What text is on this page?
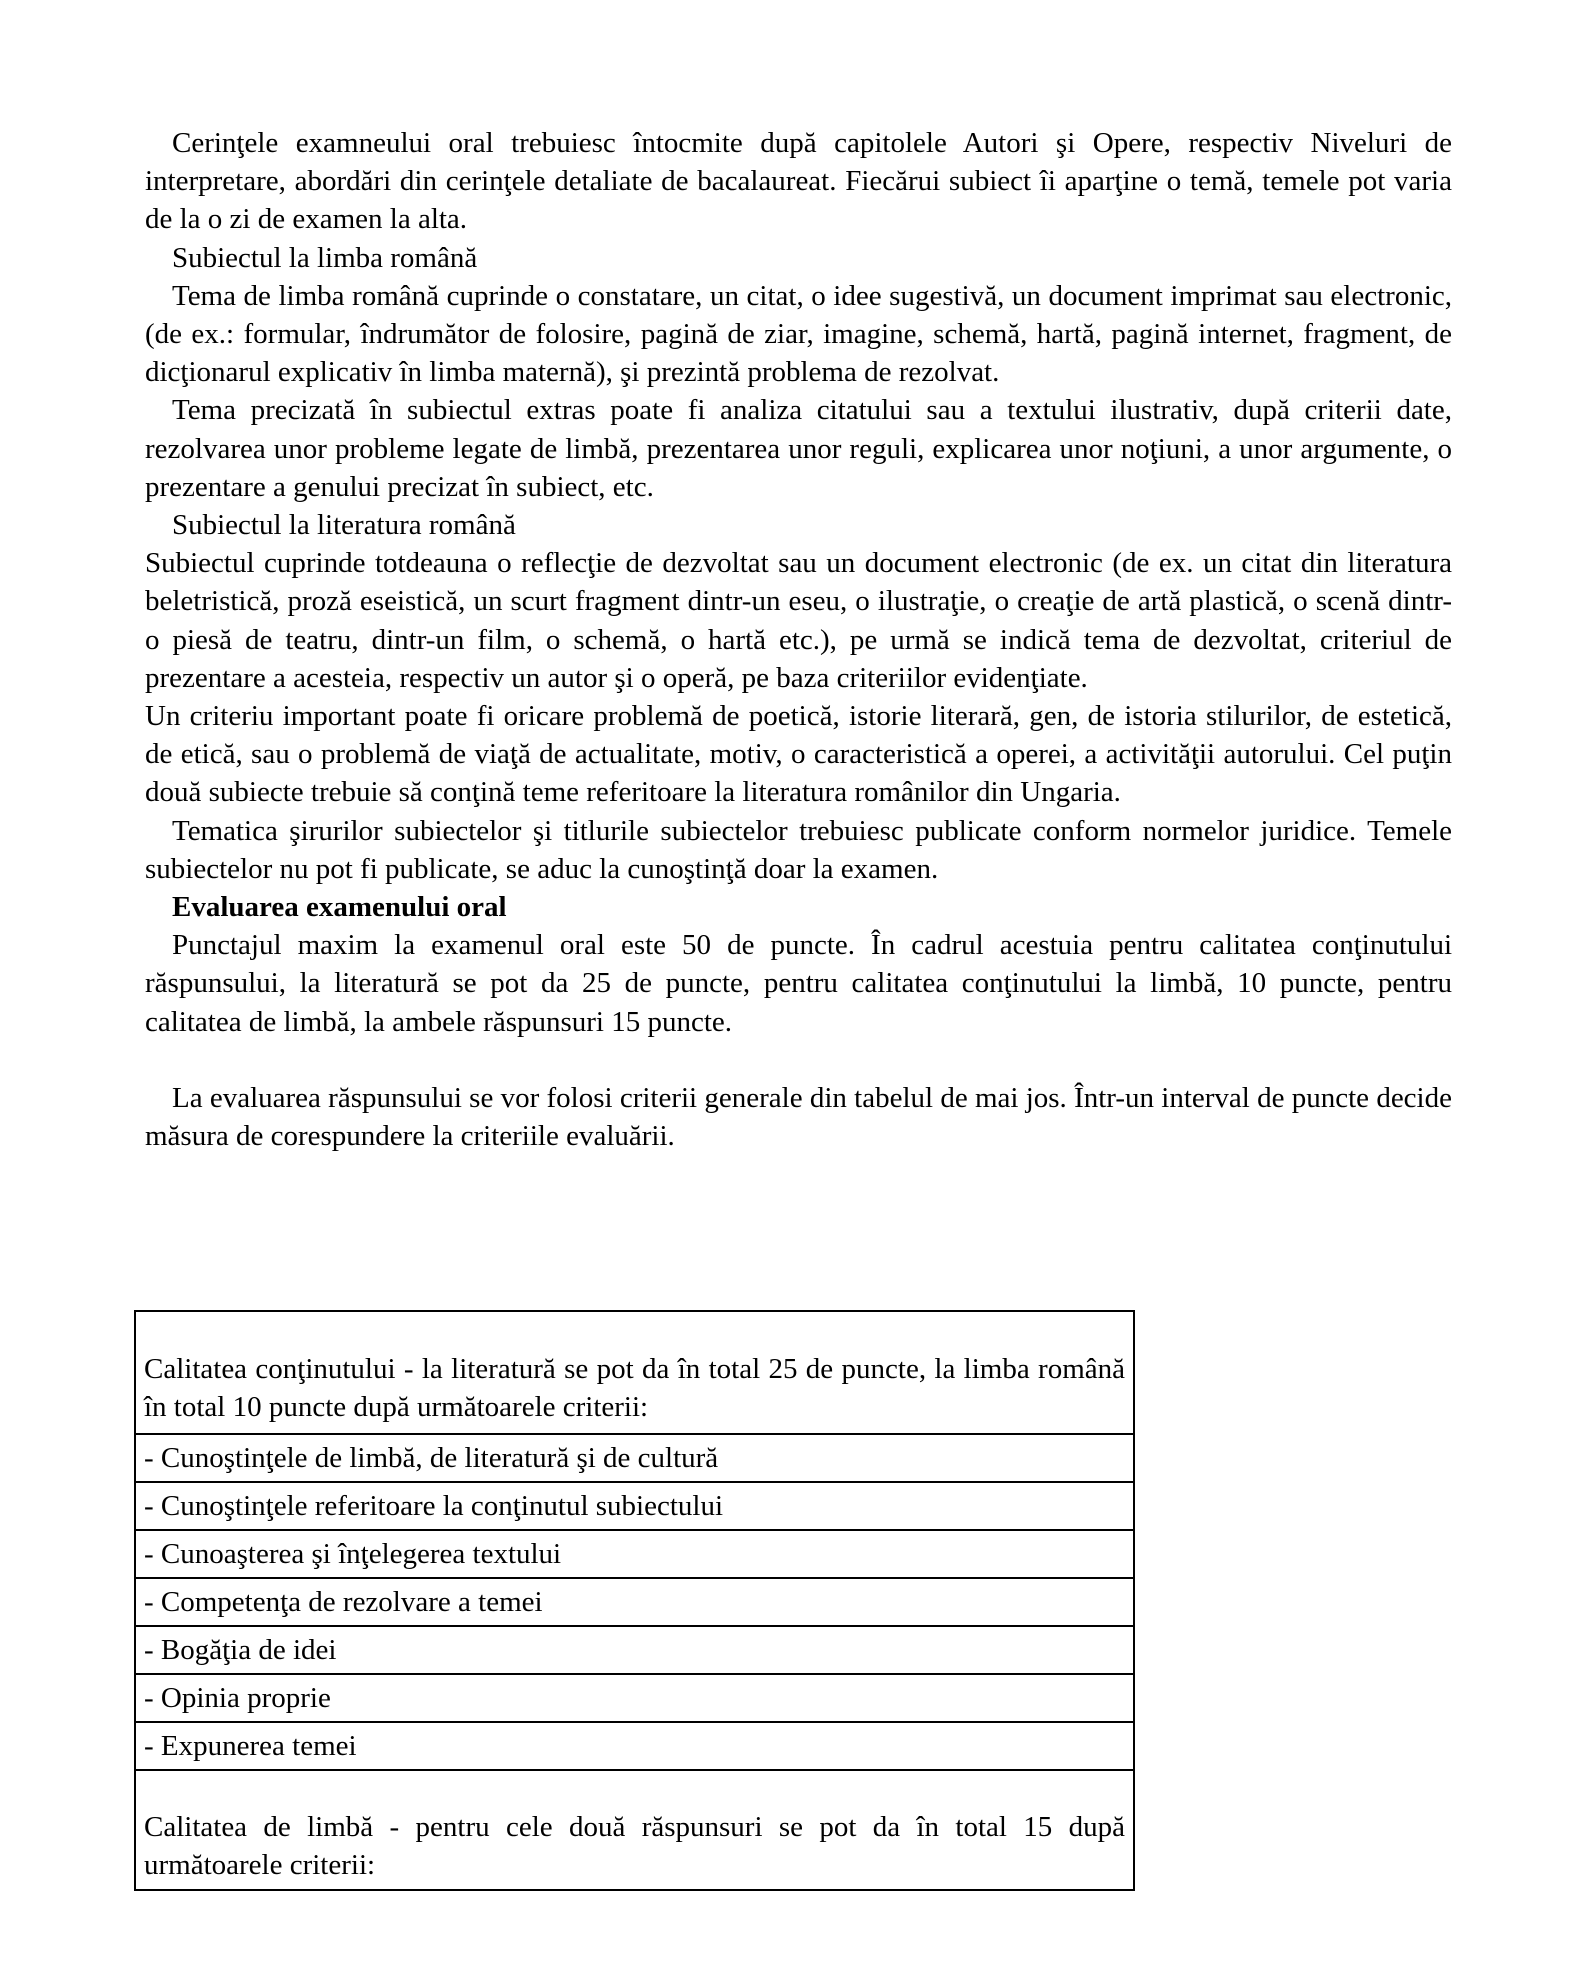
Cerinţele examneului oral trebuiesc întocmite după capitolele Autori şi Opere, respectiv Niveluri de interpretare, abordări din cerinţele detaliate de bacalaureat. Fiecărui subiect îi aparţine o temă, temele pot varia de la o zi de examen la alta.

Subiectul la limba română

Tema de limba română cuprinde o constatare, un citat, o idee sugestivă, un document imprimat sau electronic, (de ex.: formular, îndrumător de folosire, pagină de ziar, imagine, schemă, hartă, pagină internet, fragment, de dicţionarul explicativ în limba maternă), şi prezintă problema de rezolvat.

Tema precizată în subiectul extras poate fi analiza citatului sau a textului ilustrativ, după criterii date, rezolvarea unor probleme legate de limbă, prezentarea unor reguli, explicarea unor noţiuni, a unor argumente, o prezentare a genului precizat în subiect, etc.

Subiectul la literatura română

Subiectul cuprinde totdeauna o reflecţie de dezvoltat sau un document electronic (de ex. un citat din literatura beletristică, proză eseistică, un scurt fragment dintr-un eseu, o ilustraţie, o creaţie de artă plastică, o scenă dintr-o piesă de teatru, dintr-un film, o schemă, o hartă etc.), pe urmă se indică tema de dezvoltat, criteriul de prezentare a acesteia, respectiv un autor şi o operă, pe baza criteriilor evidenţiate.

Un criteriu important poate fi oricare problemă de poetică, istorie literară, gen, de istoria stilurilor, de estetică, de etică, sau o problemă de viaţă de actualitate, motiv, o caracteristică a operei, a activităţii autorului. Cel puţin două subiecte trebuie să conţină teme referitoare la literatura românilor din Ungaria.

Tematica şirurilor subiectelor şi titlurile subiectelor trebuiesc publicate conform normelor juridice. Temele subiectelor nu pot fi publicate, se aduc la cunoştinţă doar la examen.

Evaluarea examenului oral

Punctajul maxim la examenul oral este 50 de puncte. În cadrul acestuia pentru calitatea conţinutului răspunsului, la literatură se pot da 25 de puncte, pentru calitatea conţinutului la limbă, 10 puncte, pentru calitatea de limbă, la ambele răspunsuri 15 puncte.

La evaluarea răspunsului se vor folosi criterii generale din tabelul de mai jos. Într-un interval de puncte decide măsura de corespundere la criteriile evaluării.

Calitatea conţinutului - la literatură se pot da în total 25 de puncte, la limba română în total 10 puncte după următoarele criterii:
- Cunoştinţele de limbă, de literatură şi de cultură
- Cunoştinţele referitoare la conţinutul subiectului
- Cunoaşterea şi înţelegerea textului
- Competenţa de rezolvare a temei
- Bogăţia de idei
- Opinia proprie
- Expunerea temei
Calitatea de limbă - pentru cele două răspunsuri se pot da în total 15 după următoarele criterii:
